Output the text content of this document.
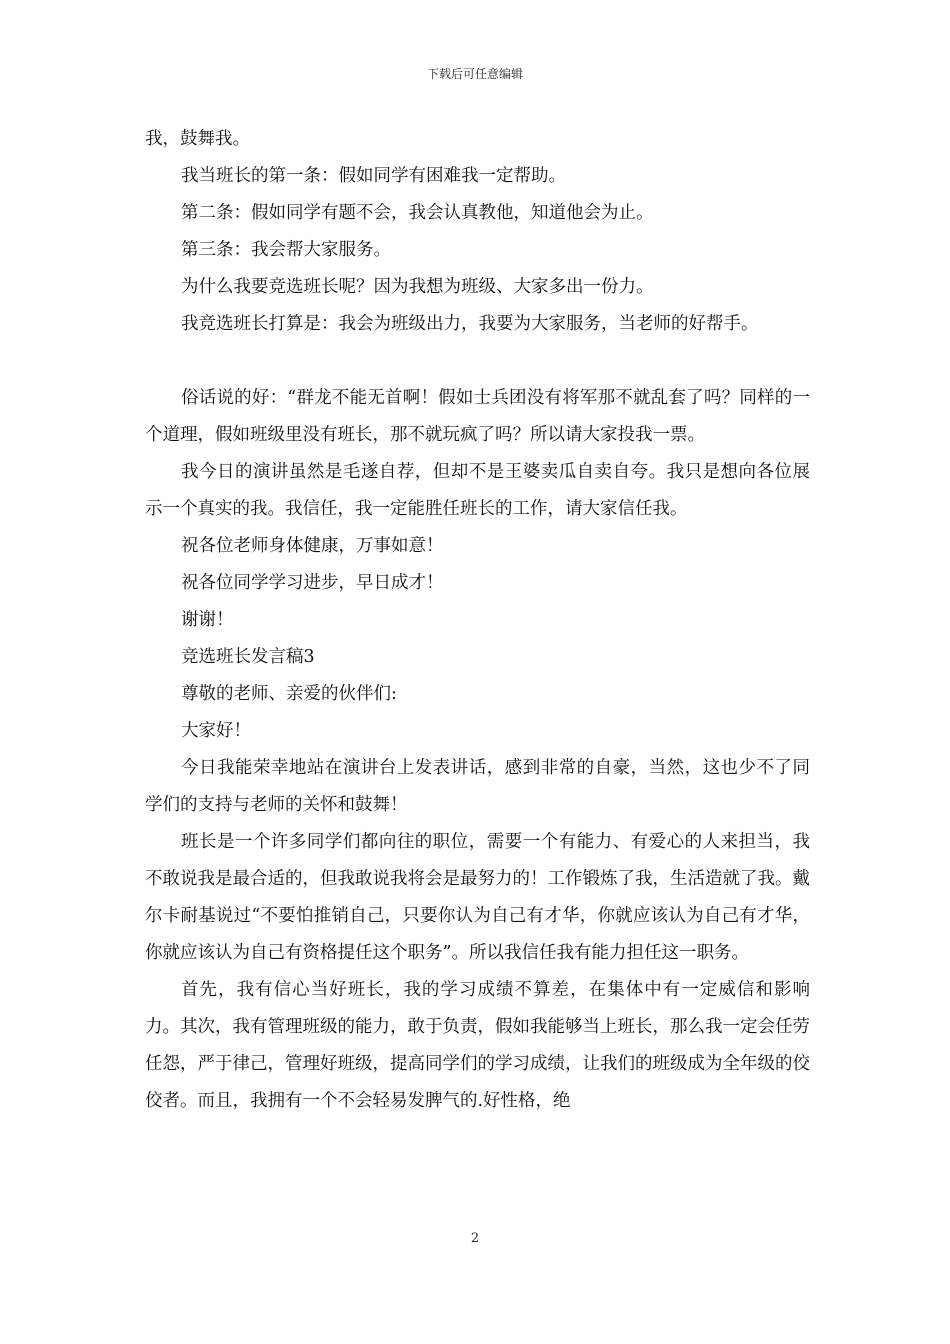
下载后可任意编辑

我，鼓舞我。

我当班长的第一条：假如同学有困难我一定帮助。

第二条：假如同学有题不会，我会认真教他，知道他会为止。

第三条：我会帮大家服务。

为什么我要竞选班长呢？因为我想为班级、大家多出一份力。

我竞选班长打算是：我会为班级出力，我要为大家服务，当老师的好帮手。

俗话说的好：“群龙不能无首啊！假如士兵团没有将军那不就乱套了吗？同样的一个道理，假如班级里没有班长，那不就玩疯了吗？所以请大家投我一票。

我今日的演讲虽然是毛遂自荐，但却不是王婆卖瓜自卖自夸。我只是想向各位展示一个真实的我。我信任，我一定能胜任班长的工作，请大家信任我。

祝各位老师身体健康，万事如意！

祝各位同学学习进步，早日成才！

谢谢！

竞选班长发言稿3

尊敬的老师、亲爱的伙伴们:

大家好！

今日我能荣幸地站在演讲台上发表讲话，感到非常的自豪，当然，这也少不了同学们的支持与老师的关怀和鼓舞！

班长是一个许多同学们都向往的职位，需要一个有能力、有爱心的人来担当，我不敢说我是最合适的，但我敢说我将会是最努力的！工作锻炼了我，生活造就了我。戴尔卡耐基说过“不要怕推销自己，只要你认为自己有才华，你就应该认为自己有才华，你就应该认为自己有资格提任这个职务”。所以我信任我有能力担任这一职务。

首先，我有信心当好班长，我的学习成绩不算差，在集体中有一定威信和影响力。其次，我有管理班级的能力，敢于负责，假如我能够当上班长，那么我一定会任劳任怨，严于律己，管理好班级，提高同学们的学习成绩，让我们的班级成为全年级的佼佼者。而且，我拥有一个不会轻易发脾气的.好性格，绝

2
